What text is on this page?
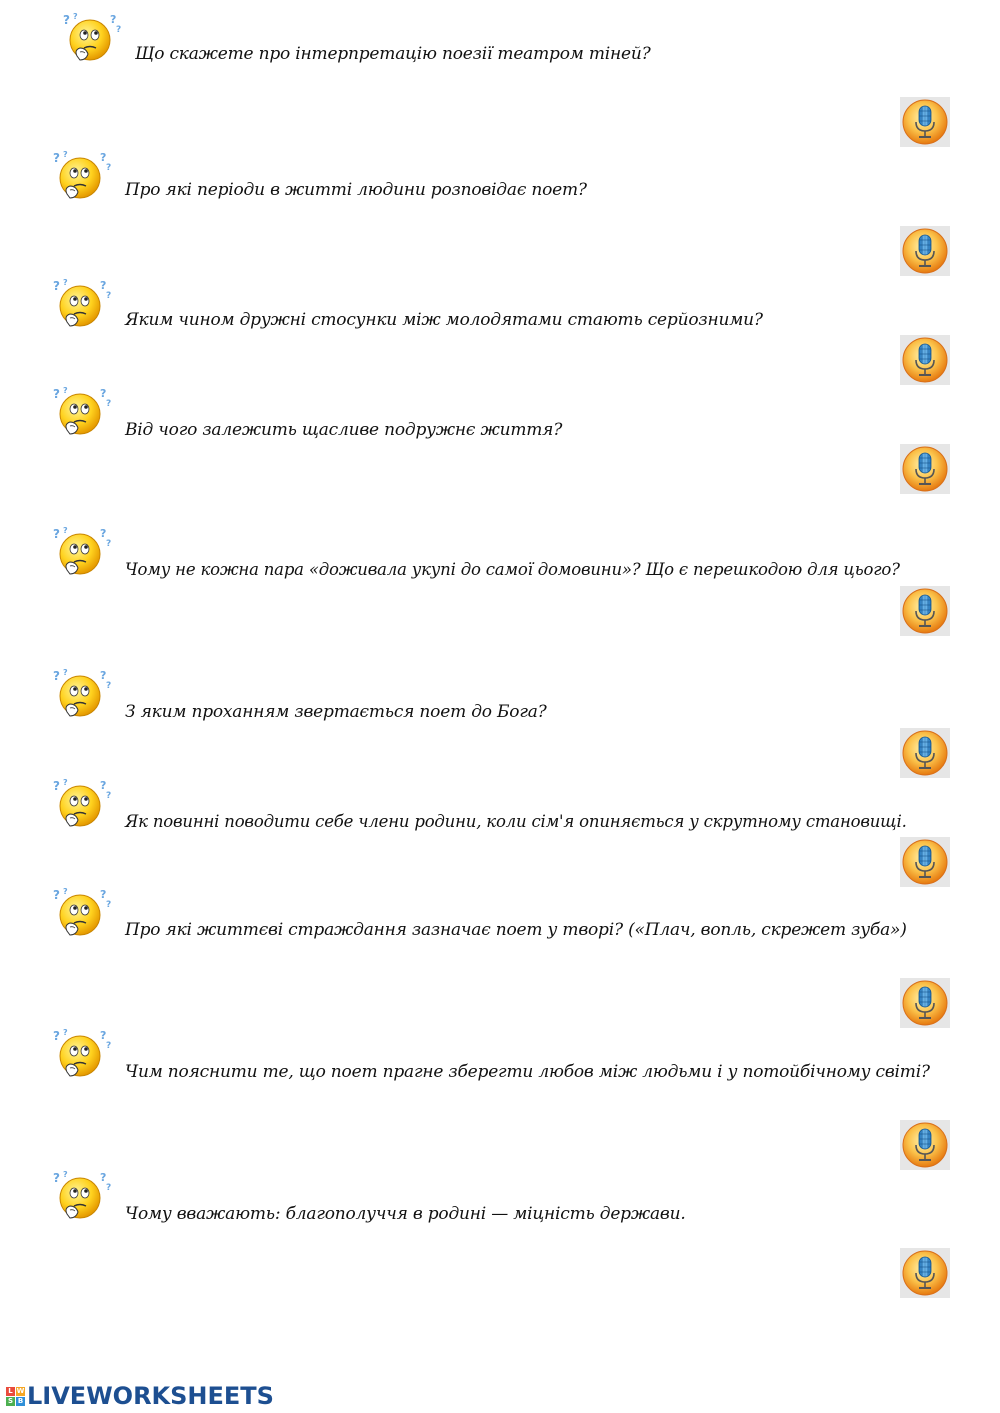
Що скажете про інтерпретацію поезії театром тіней?
Про які періоди в житті людини розповідає поет?
Яким чином дружні стосунки між молодятами стають серйозними?
Від чого залежить щасливе подружнє життя?
Чому не кожна пара «доживала укупі до самої домовини»? Що є перешкодою для цього?
З яким проханням звертається поет до Бога?
Як повинні поводити себе члени родини, коли сім'я опиняється у скрутному становищі.
Про які життєві страждання зазначає поет у творі? («Плач, вопль, скрежет зуба»)
Чим пояснити те, що поет прагне зберегти любов між людьми і у потойбічному світі?
Чому вважають: благополуччя в родині — міцність держави.
L W
S B LIVEWORKSHEETS
